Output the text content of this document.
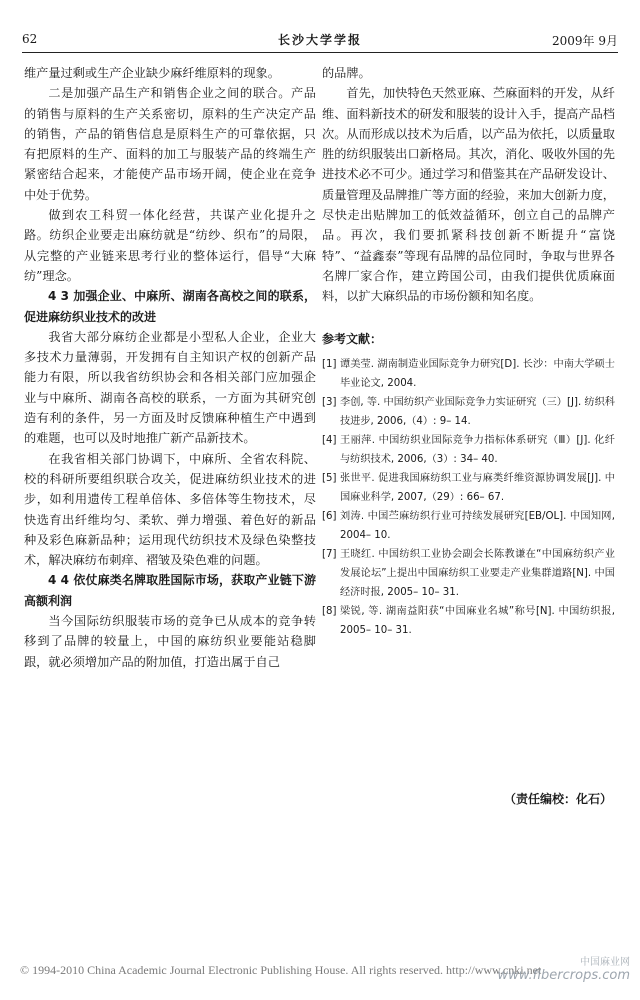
62	长沙大学学报	2009年 9月

维产量过剩或生产企业缺少麻纤维原料的现象。

二是加强产品生产和销售企业之间的联合。产品的销售与原料的生产关系密切，原料的生产决定产品的销售，产品的销售信息是原料生产的可靠依据，只有把原料的生产、面料的加工与服装产品的终端生产紧密结合起来，才能使产品市场开阔，使企业在竞争中处于优势。

做到农工科贸一体化经营，共谋产业化提升之路。纺织企业要走出麻纺就是“纺纱、织布”的局限，从完整的产业链来思考行业的整体运行，倡导“大麻纺”理念。

4 3 加强企业、中麻所、湖南各高校之间的联系，促进麻纺织业技术的改进

我省大部分麻纺企业都是小型私人企业，企业大多技术力量薄弱，开发拥有自主知识产权的创新产品能力有限，所以我省纺织协会和各相关部门应加强企业与中麻所、湖南各高校的联系，一方面为其研究创造有利的条件，另一方面及时反馈麻种植生产中遇到的难题，也可以及时地推广新产品新技术。

在我省相关部门协调下，中麻所、全省农科院、校的科研所要组织联合攻关，促进麻纺织业技术的进步，如利用遗传工程单倍体、多倍体等生物技术，尽快选育出纤维均匀、柔软、弹力增强、着色好的新品种及彩色麻新品种；运用现代纺织技术及绿色染整技术，解决麻纺布刺痒、褶皱及染色难的问题。

4 4 依仗麻类名牌取胜国际市场，获取产业链下游高额利润

当今国际纺织服装市场的竞争已从成本的竞争转移到了品牌的较量上，中国的麻纺织业要能站稳脚跟，就必须增加产品的附加值，打造出属于自己

的品牌。

首先，加快特色天然亚麻、苎麻面料的开发，从纤维、面料新技术的研发和服装的设计入手，提高产品档次。从而形成以技术为后盾，以产品为依托，以质量取胜的纺织服装出口新格局。其次，消化、吸收外国的先进技术必不可少。通过学习和借鉴其在产品研发设计、质量管理及品牌推广等方面的经验，来加大创新力度，尽快走出贴牌加工的低效益循环，创立自己的品牌产品。再次，我们要抓紧科技创新不断提升“富饶特”、“益鑫泰”等现有品牌的品位同时，争取与世界各名牌厂家合作，建立跨国公司，由我们提供优质麻面料，以扩大麻织品的市场份额和知名度。

参考文献：
[1] 谭美莹. 湖南制造业国际竞争力研究[D]. 长沙：中南大学硕士毕业论文, 2004.
[3] 李创, 等. 中国纺织产业国际竞争力实证研究（三）[J]. 纺织科技进步, 2006,（4）: 9– 14.
[4] 王丽萍. 中国纺织业国际竞争力指标体系研究（Ⅲ）[J]. 化纤与纺织技术, 2006,（3）: 34– 40.
[5] 张世平. 促进我国麻纺织工业与麻类纤维资源协调发展[J]. 中国麻业科学, 2007,（29）: 66– 67.
[6] 刘涛. 中国苎麻纺织行业可持续发展研究[EB/OL]. 中国知网, 2004– 10.
[7] 王晓红. 中国纺织工业协会副会长陈教谦在“中国麻纺织产业发展论坛”上提出中国麻纺织工业要走产业集群道路[N]. 中国经济时报, 2005– 10– 31.
[8] 梁锐, 等. 湖南益阳获“中国麻业名城”称号[N]. 中国纺织报, 2005– 10– 31.
（责任编校：化石）
© 1994-2010 China Academic Journal Electronic Publishing House. All rights reserved. http://www.cnki.net
中国麻业网
www.fibercrops.com
